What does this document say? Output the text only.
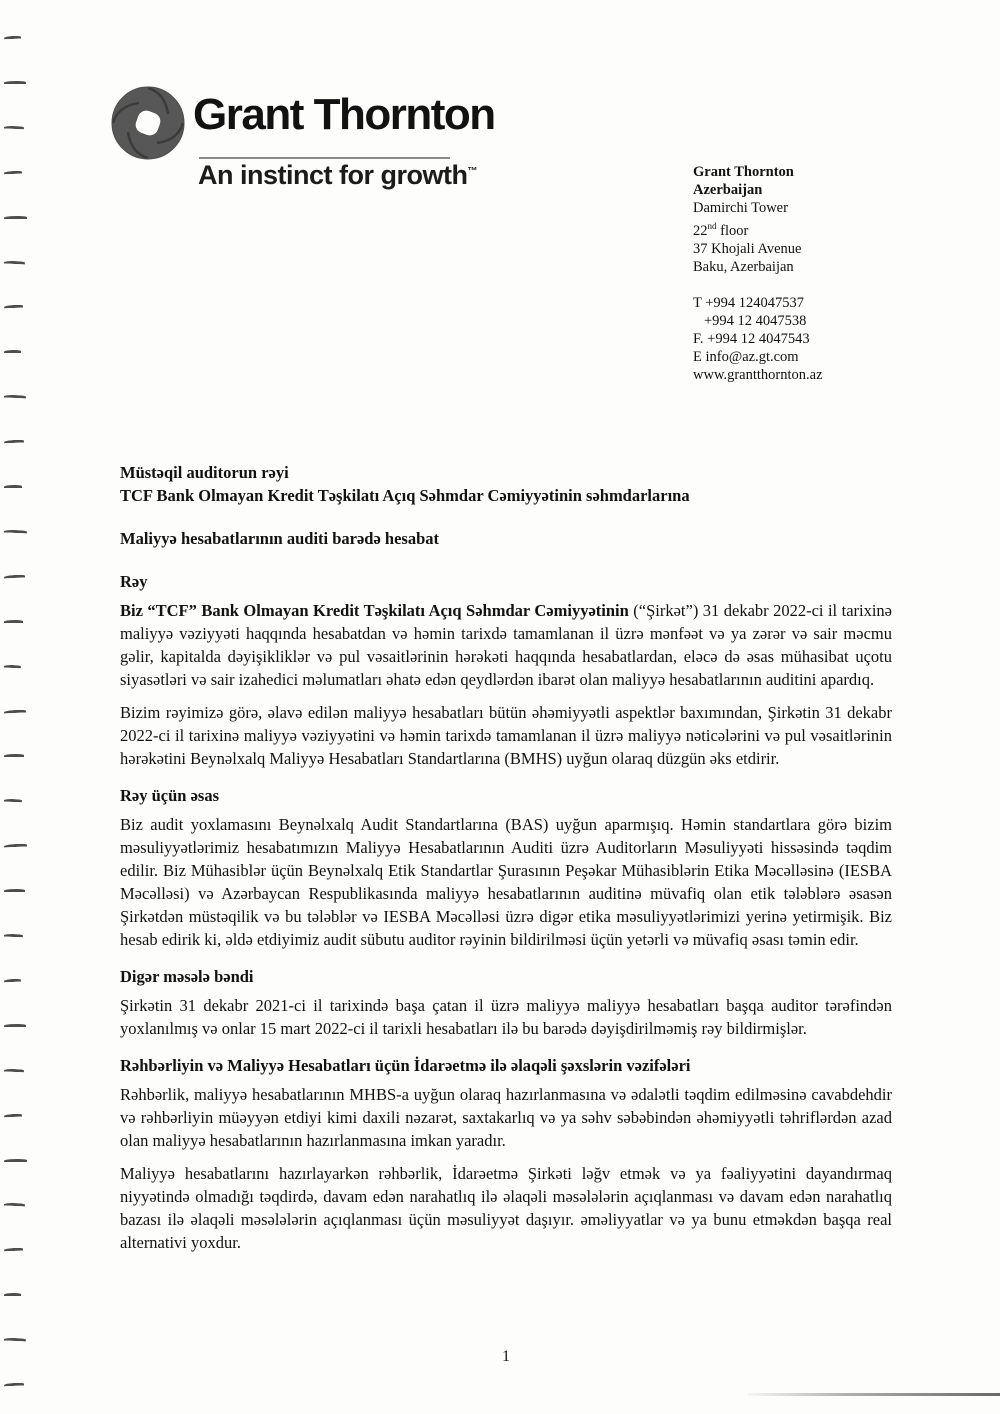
Grant Thornton
An instinct for growth™	Grant Thornton
Azerbaijan
Damirchi Tower
22nd floor
37 Khojali Avenue
Baku, Azerbaijan
T +994 124047537
+994 12 4047538
F. +994 12 4047543
E info@az.gt.com
www.grantthornton.az
Müstəqil auditorun rəyi
TCF Bank Olmayan Kredit Təşkilatı Açıq Səhmdar Cəmiyyətinin səhmdarlarına
Maliyyə hesabatlarının auditi barədə hesabat
Rəy

Biz “TCF” Bank Olmayan Kredit Təşkilatı Açıq Səhmdar Cəmiyyətinin (“Şirkət”) 31 dekabr 2022-ci il tarixinə maliyyə vəziyyəti haqqında hesabatdan və həmin tarixdə tamamlanan il üzrə mənfəət və ya zərər və sair məcmu gəlir, kapitalda dəyişikliklər və pul vəsaitlərinin hərəkəti haqqında hesabatlardan, eləcə də əsas mühasibat uçotu siyasətləri və sair izahedici məlumatları əhatə edən qeydlərdən ibarət olan maliyyə hesabatlarının auditini apardıq.

Bizim rəyimizə görə, əlavə edilən maliyyə hesabatları bütün əhəmiyyətli aspektlər baxımından, Şirkətin 31 dekabr 2022-ci il tarixinə maliyyə vəziyyətini və həmin tarixdə tamamlanan il üzrə maliyyə nəticələrini və pul vəsaitlərinin hərəkətini Beynəlxalq Maliyyə Hesabatları Standartlarına (BMHS) uyğun olaraq düzgün əks etdirir.

Rəy üçün əsas

Biz audit yoxlamasını Beynəlxalq Audit Standartlarına (BAS) uyğun aparmışıq. Həmin standartlara görə bizim məsuliyyətlərimiz hesabatımızın Maliyyə Hesabatlarının Auditi üzrə Auditorların Məsuliyyəti hissəsində təqdim edilir. Biz Mühasiblər üçün Beynəlxalq Etik Standartlar Şurasının Peşəkar Mühasiblərin Etika Məcəlləsinə (IESBA Məcəlləsi) və Azərbaycan Respublikasında maliyyə hesabatlarının auditinə müvafiq olan etik tələblərə əsasən Şirkətdən müstəqilik və bu tələblər və IESBA Məcəlləsi üzrə digər etika məsuliyyətlərimizi yerinə yetirmişik. Biz hesab edirik ki, əldə etdiyimiz audit sübutu auditor rəyinin bildirilməsi üçün yetərli və müvafiq əsası təmin edir.

Digər məsələ bəndi

Şirkətin 31 dekabr 2021-ci il tarixində başa çatan il üzrə maliyyə maliyyə hesabatları başqa auditor tərəfindən yoxlanılmış və onlar 15 mart 2022-ci il tarixli hesabatları ilə bu barədə dəyişdirilməmiş rəy bildirmişlər.

Rəhbərliyin və Maliyyə Hesabatları üçün İdarəetmə ilə əlaqəli şəxslərin vəzifələri

Rəhbərlik, maliyyə hesabatlarının MHBS-a uyğun olaraq hazırlanmasına və ədalətli təqdim edilməsinə cavabdehdir və rəhbərliyin müəyyən etdiyi kimi daxili nəzarət, saxtakarlıq və ya səhv səbəbindən əhəmiyyətli təhriflərdən azad olan maliyyə hesabatlarının hazırlanmasına imkan yaradır.

Maliyyə hesabatlarını hazırlayarkən rəhbərlik, İdarəetmə Şirkəti ləğv etmək və ya fəaliyyətini dayandırmaq niyyətində olmadığı təqdirdə, davam edən narahatlıq ilə əlaqəli məsələlərin açıqlanması və davam edən narahatlıq bazası ilə əlaqəli məsələlərin açıqlanması üçün məsuliyyət daşıyır. əməliyyatlar və ya bunu etməkdən başqa real alternativi yoxdur.

1
